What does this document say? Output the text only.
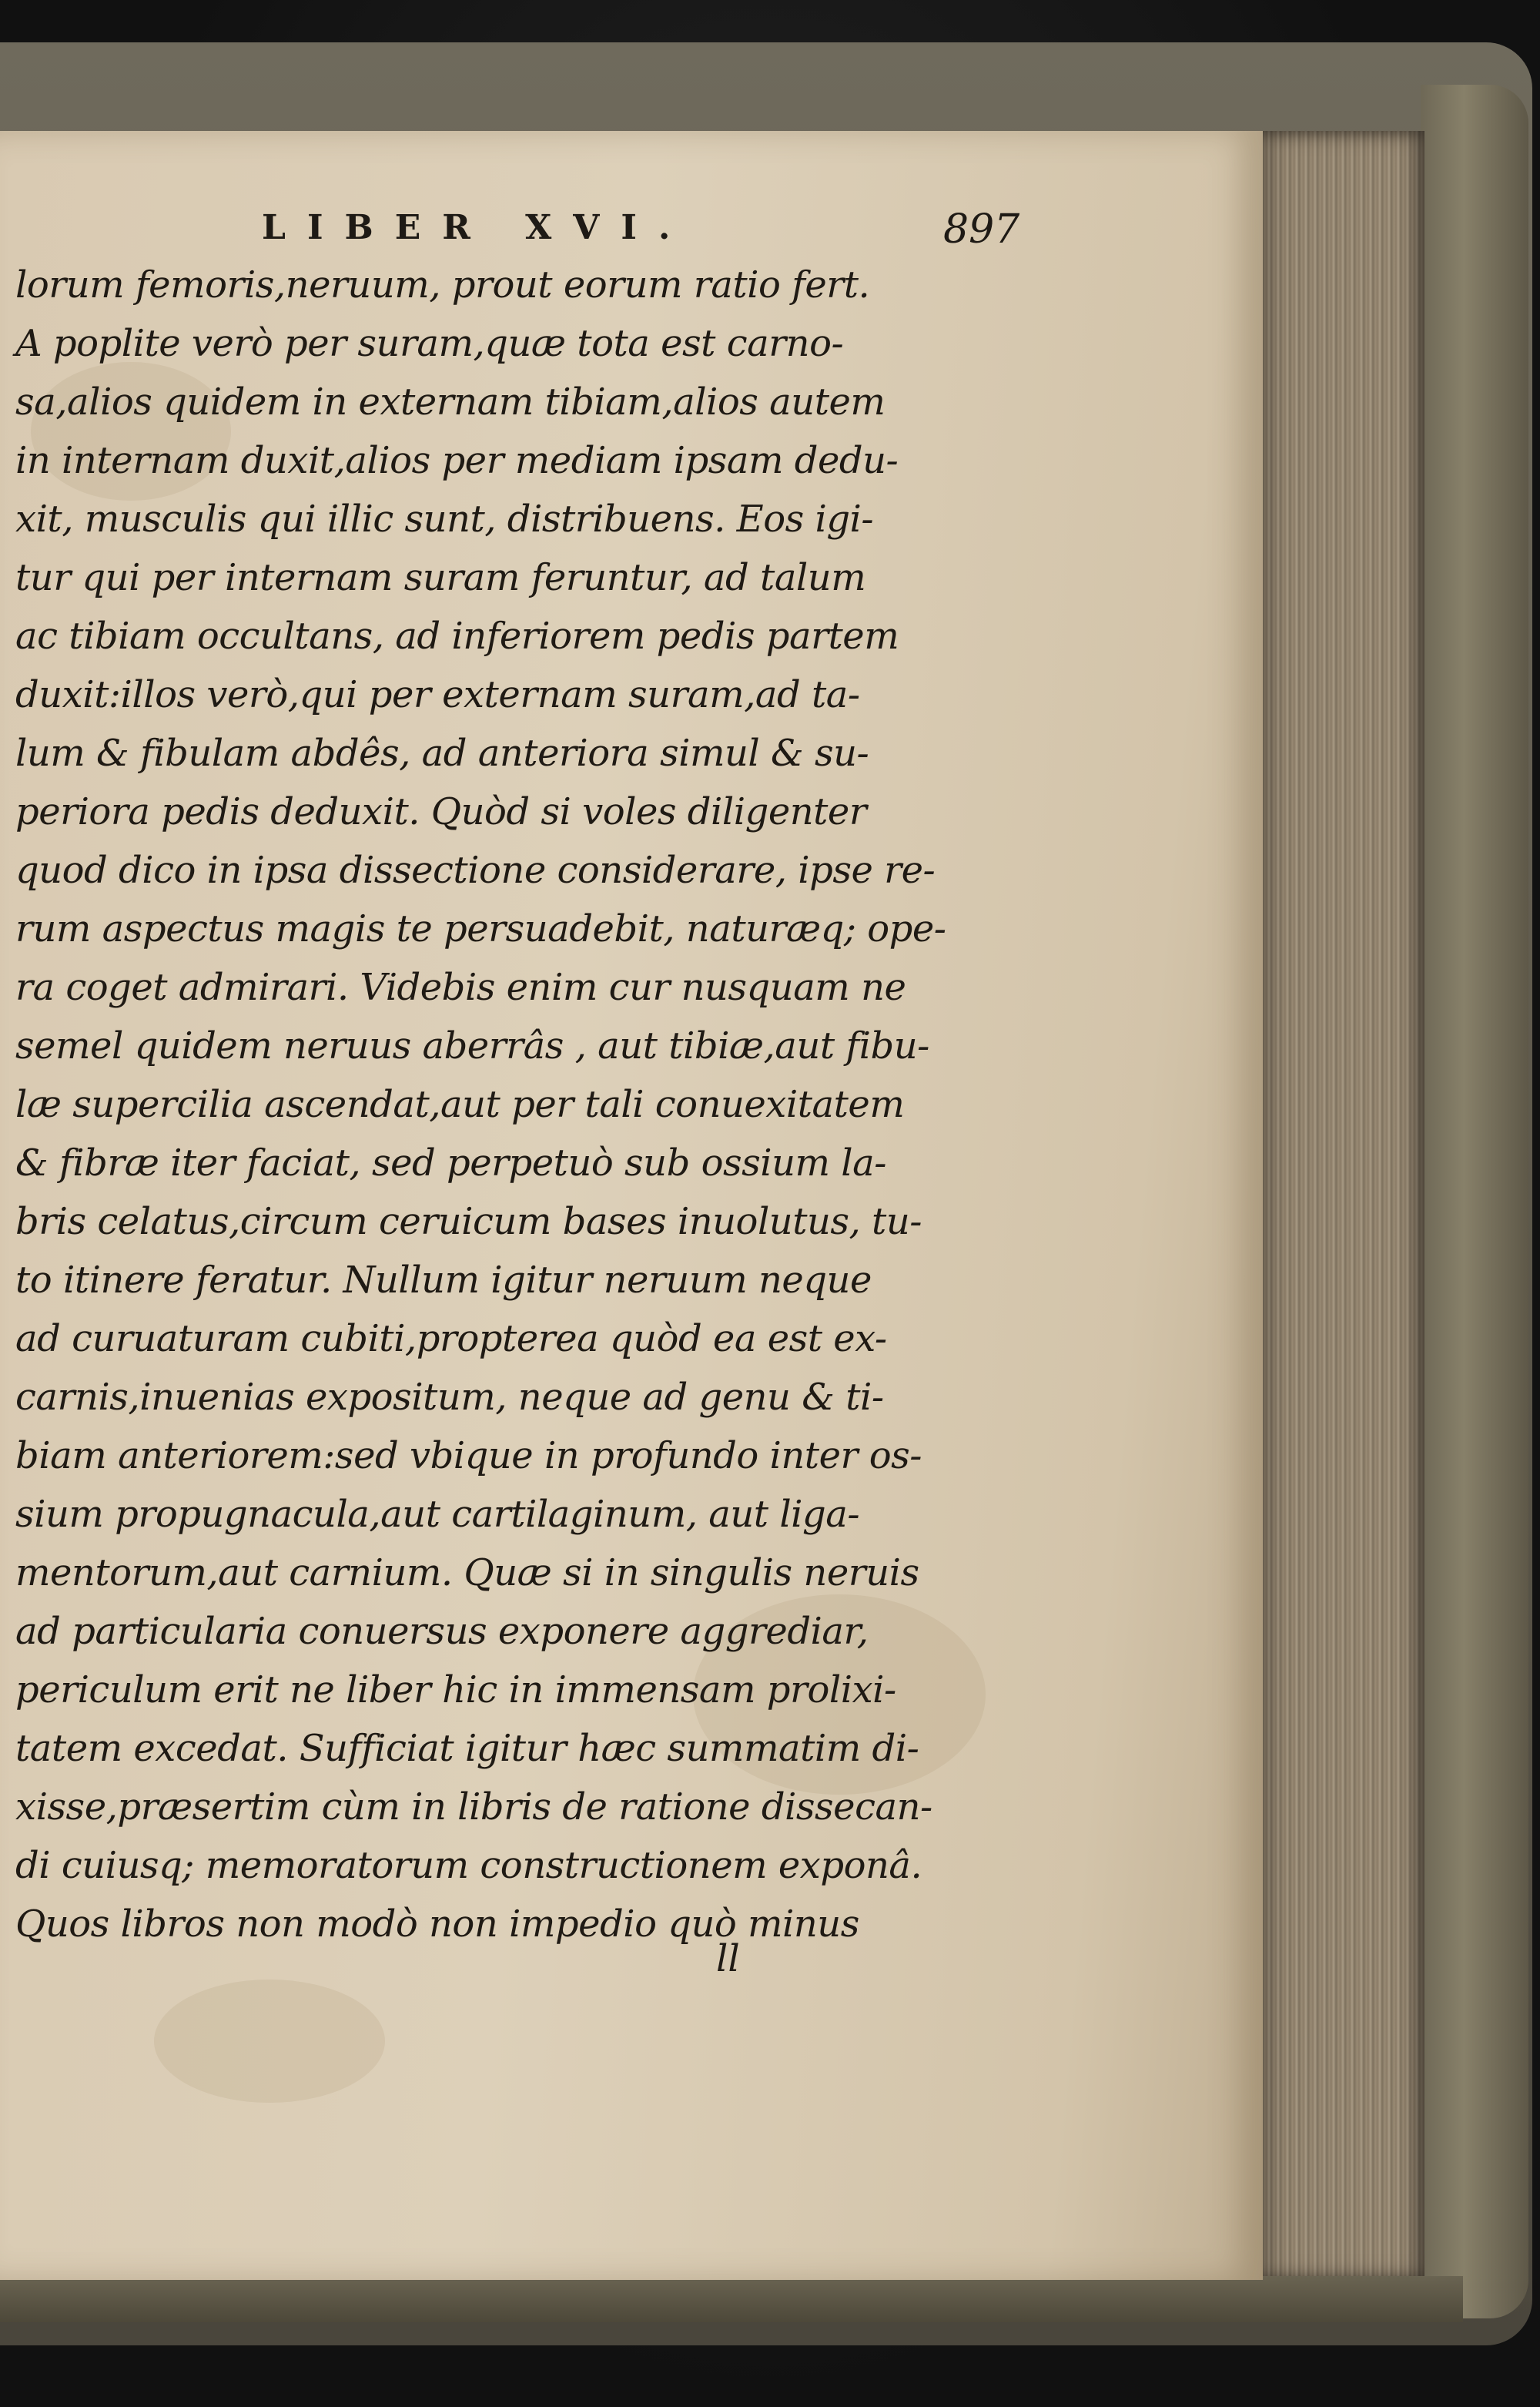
LIBER XVI.	897
lorum femoris,neruum, prout eorum ratio fert.
A poplite verò per suram,quæ tota est carno-
sa,alios quidem in externam tibiam,alios autem
in internam duxit,alios per mediam ipsam dedu-
xit, musculis qui illic sunt, distribuens. Eos igi-
tur qui per internam suram feruntur, ad talum
ac tibiam occultans, ad inferiorem pedis partem
duxit:illos verò,qui per externam suram,ad ta-
lum & fibulam abdês, ad anteriora simul & su-
periora pedis deduxit. Quòd si voles diligenter
quod dico in ipsa dissectione considerare, ipse re-
rum aspectus magis te persuadebit, naturæq; ope-
ra coget admirari. Videbis enim cur nusquam ne
semel quidem neruus aberrâs , aut tibiæ,aut fibu-
læ supercilia ascendat,aut per tali conuexitatem
& fibræ iter faciat, sed perpetuò sub ossium la-
bris celatus,circum ceruicum bases inuolutus, tu-
to itinere feratur. Nullum igitur neruum neque
ad curuaturam cubiti,propterea quòd ea est ex-
carnis,inuenias expositum, neque ad genu & ti-
biam anteriorem:sed vbique in profundo inter os-
sium propugnacula,aut cartilaginum, aut liga-
mentorum,aut carnium. Quæ si in singulis neruis
ad particularia conuersus exponere aggrediar,
periculum erit ne liber hic in immensam prolixi-
tatem excedat. Sufficiat igitur hæc summatim di-
xisse,præsertim cùm in libris de ratione dissecan-
di cuiusq; memoratorum constructionem exponâ.
Quos libros non modò non impedio quò minus
ll
